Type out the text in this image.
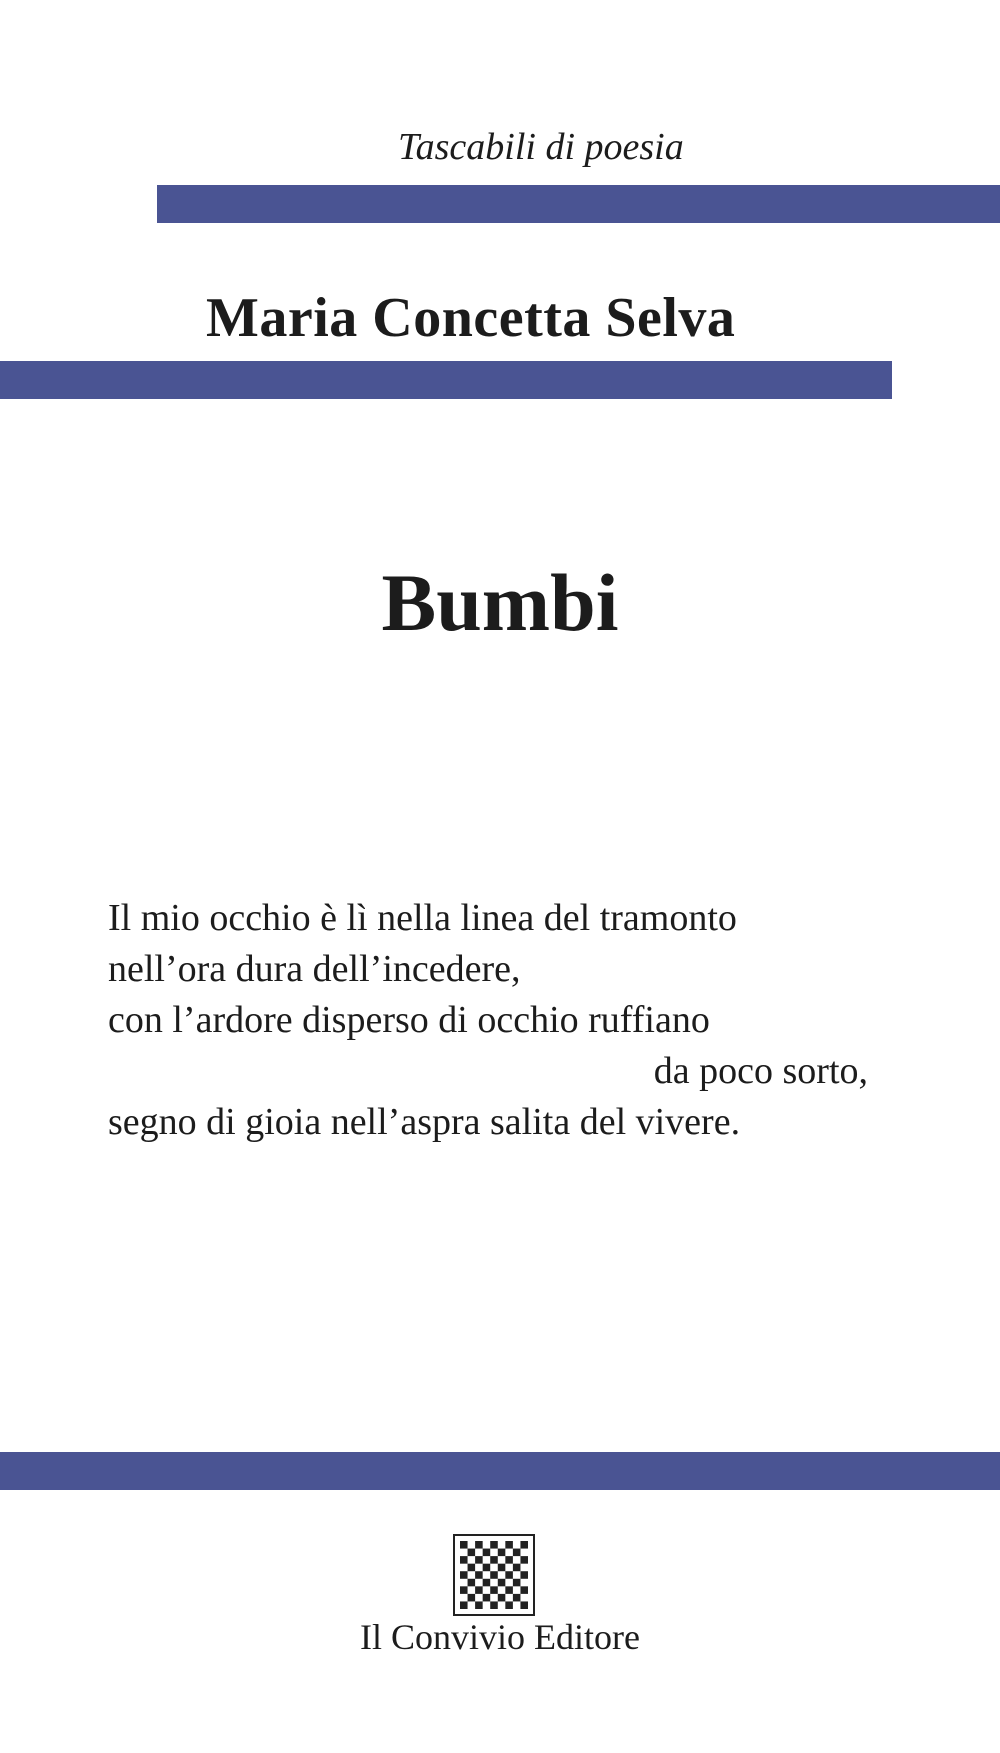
Tascabili di poesia
Maria Concetta Selva
Bumbi
Il mio occhio è lì nella linea del tramonto
nell’ora dura dell’incedere,
con l’ardore disperso di occhio ruffiano
da poco sorto,
segno di gioia nell’aspra salita del vivere.
Il Convivio Editore
